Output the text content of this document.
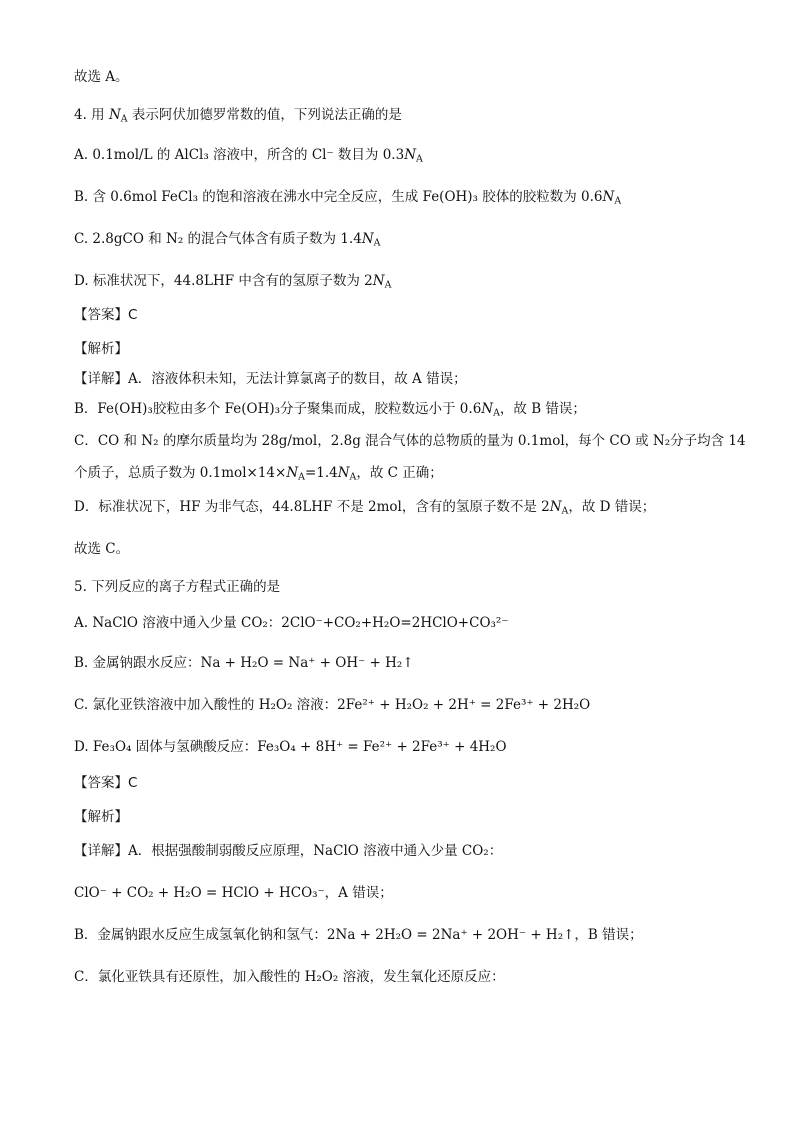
故选 A。
4. 用 $N_A$ 表示阿伏加德罗常数的值，下列说法正确的是
A. 0.1mol/L 的 AlCl₃ 溶液中，所含的 Cl⁻ 数目为 $0.3N_A$
B. 含 0.6mol FeCl₃ 的饱和溶液在沸水中完全反应，生成 Fe(OH)₃ 胶体的胶粒数为 $0.6N_A$
C. 2.8gCO 和 N₂ 的混合气体含有质子数为 $1.4N_A$
D. 标准状况下，44.8LHF 中含有的氢原子数为 $2N_A$
【答案】C
【解析】
【详解】A．溶液体积未知，无法计算氯离子的数目，故 A 错误；
B．Fe(OH)₃胶粒由多个 Fe(OH)₃分子聚集而成，胶粒数远小于 $0.6N_A$，故 B 错误；
C．CO 和 N₂ 的摩尔质量均为 28g/mol，2.8g 混合气体的总物质的量为 0.1mol，每个 CO 或 N₂分子均含 14
个质子，总质子数为 $0.1mol\times 14\times N_A=1.4N_A$，故 C 正确；
D．标准状况下，HF 为非气态，44.8LHF 不是 2mol，含有的氢原子数不是 $2N_A$，故 D 错误；
故选 C。
5. 下列反应的离子方程式正确的是
A. NaClO 溶液中通入少量 CO₂：2ClO⁻+CO₂+H₂O=2HClO+CO₃²⁻
B. 金属钠跟水反应：Na + H₂O = Na⁺ + OH⁻ + H₂↑
C. 氯化亚铁溶液中加入酸性的 H₂O₂ 溶液：2Fe²⁺ + H₂O₂ + 2H⁺ = 2Fe³⁺ + 2H₂O
D. Fe₃O₄ 固体与氢碘酸反应：Fe₃O₄ + 8H⁺ = Fe²⁺ + 2Fe³⁺ + 4H₂O
【答案】C
【解析】
【详解】A．根据强酸制弱酸反应原理，NaClO 溶液中通入少量 CO₂：
ClO⁻ + CO₂ + H₂O = HClO + HCO₃⁻，A 错误；
B．金属钠跟水反应生成氢氧化钠和氢气：2Na + 2H₂O = 2Na⁺ + 2OH⁻ + H₂↑，B 错误；
C．氯化亚铁具有还原性，加入酸性的 H₂O₂ 溶液，发生氧化还原反应：
